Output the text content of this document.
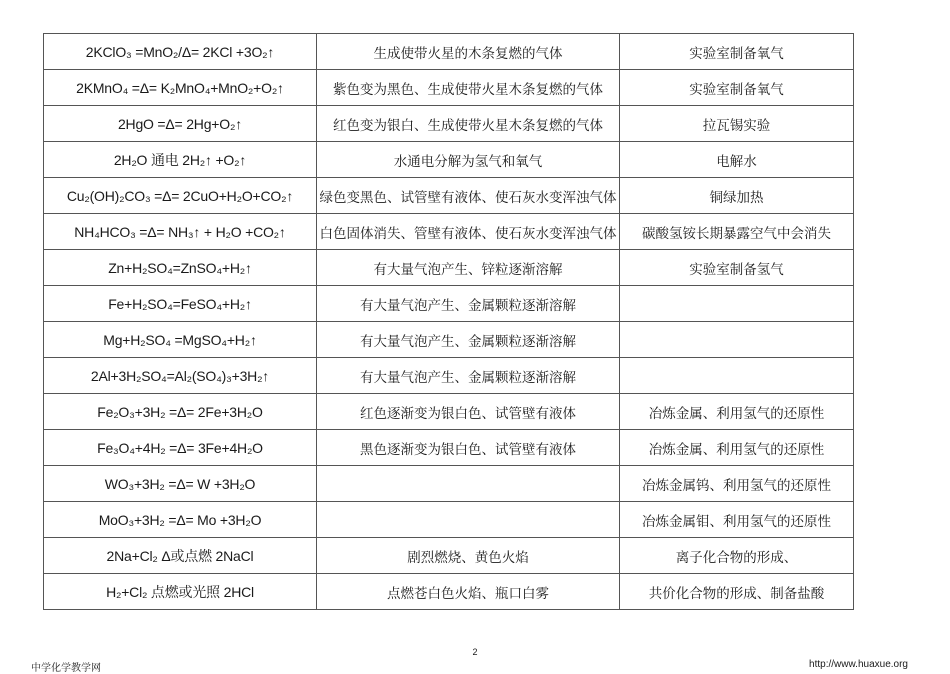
2KClO₃ =MnO₂/Δ= 2KCl +3O₂↑	生成使带火星的木条复燃的气体	实验室制备氧气
2KMnO₄ =Δ= K₂MnO₄+MnO₂+O₂↑	紫色变为黑色、生成使带火星木条复燃的气体	实验室制备氧气
2HgO =Δ= 2Hg+O₂↑	红色变为银白、生成使带火星木条复燃的气体	拉瓦锡实验
2H₂O 通电 2H₂↑ +O₂↑	水通电分解为氢气和氧气	电解水
Cu₂(OH)₂CO₃ =Δ= 2CuO+H₂O+CO₂↑	绿色变黑色、试管壁有液体、使石灰水变浑浊气体	铜绿加热
NH₄HCO₃ =Δ= NH₃↑ + H₂O +CO₂↑	白色固体消失、管壁有液体、使石灰水变浑浊气体	碳酸氢铵长期暴露空气中会消失
Zn+H₂SO₄=ZnSO₄+H₂↑	有大量气泡产生、锌粒逐渐溶解	实验室制备氢气
Fe+H₂SO₄=FeSO₄+H₂↑	有大量气泡产生、金属颗粒逐渐溶解	
Mg+H₂SO₄ =MgSO₄+H₂↑	有大量气泡产生、金属颗粒逐渐溶解	
2Al+3H₂SO₄=Al₂(SO₄)₃+3H₂↑	有大量气泡产生、金属颗粒逐渐溶解	
Fe₂O₃+3H₂ =Δ= 2Fe+3H₂O	红色逐渐变为银白色、试管壁有液体	冶炼金属、利用氢气的还原性
Fe₃O₄+4H₂ =Δ= 3Fe+4H₂O	黑色逐渐变为银白色、试管壁有液体	冶炼金属、利用氢气的还原性
WO₃+3H₂ =Δ= W +3H₂O		冶炼金属钨、利用氢气的还原性
MoO₃+3H₂ =Δ= Mo +3H₂O		冶炼金属钼、利用氢气的还原性
2Na+Cl₂ Δ或点燃 2NaCl	剧烈燃烧、黄色火焰	离子化合物的形成、
H₂+Cl₂ 点燃或光照 2HCl	点燃苍白色火焰、瓶口白雾	共价化合物的形成、制备盐酸
2
中学化学教学网	http://www.huaxue.org
